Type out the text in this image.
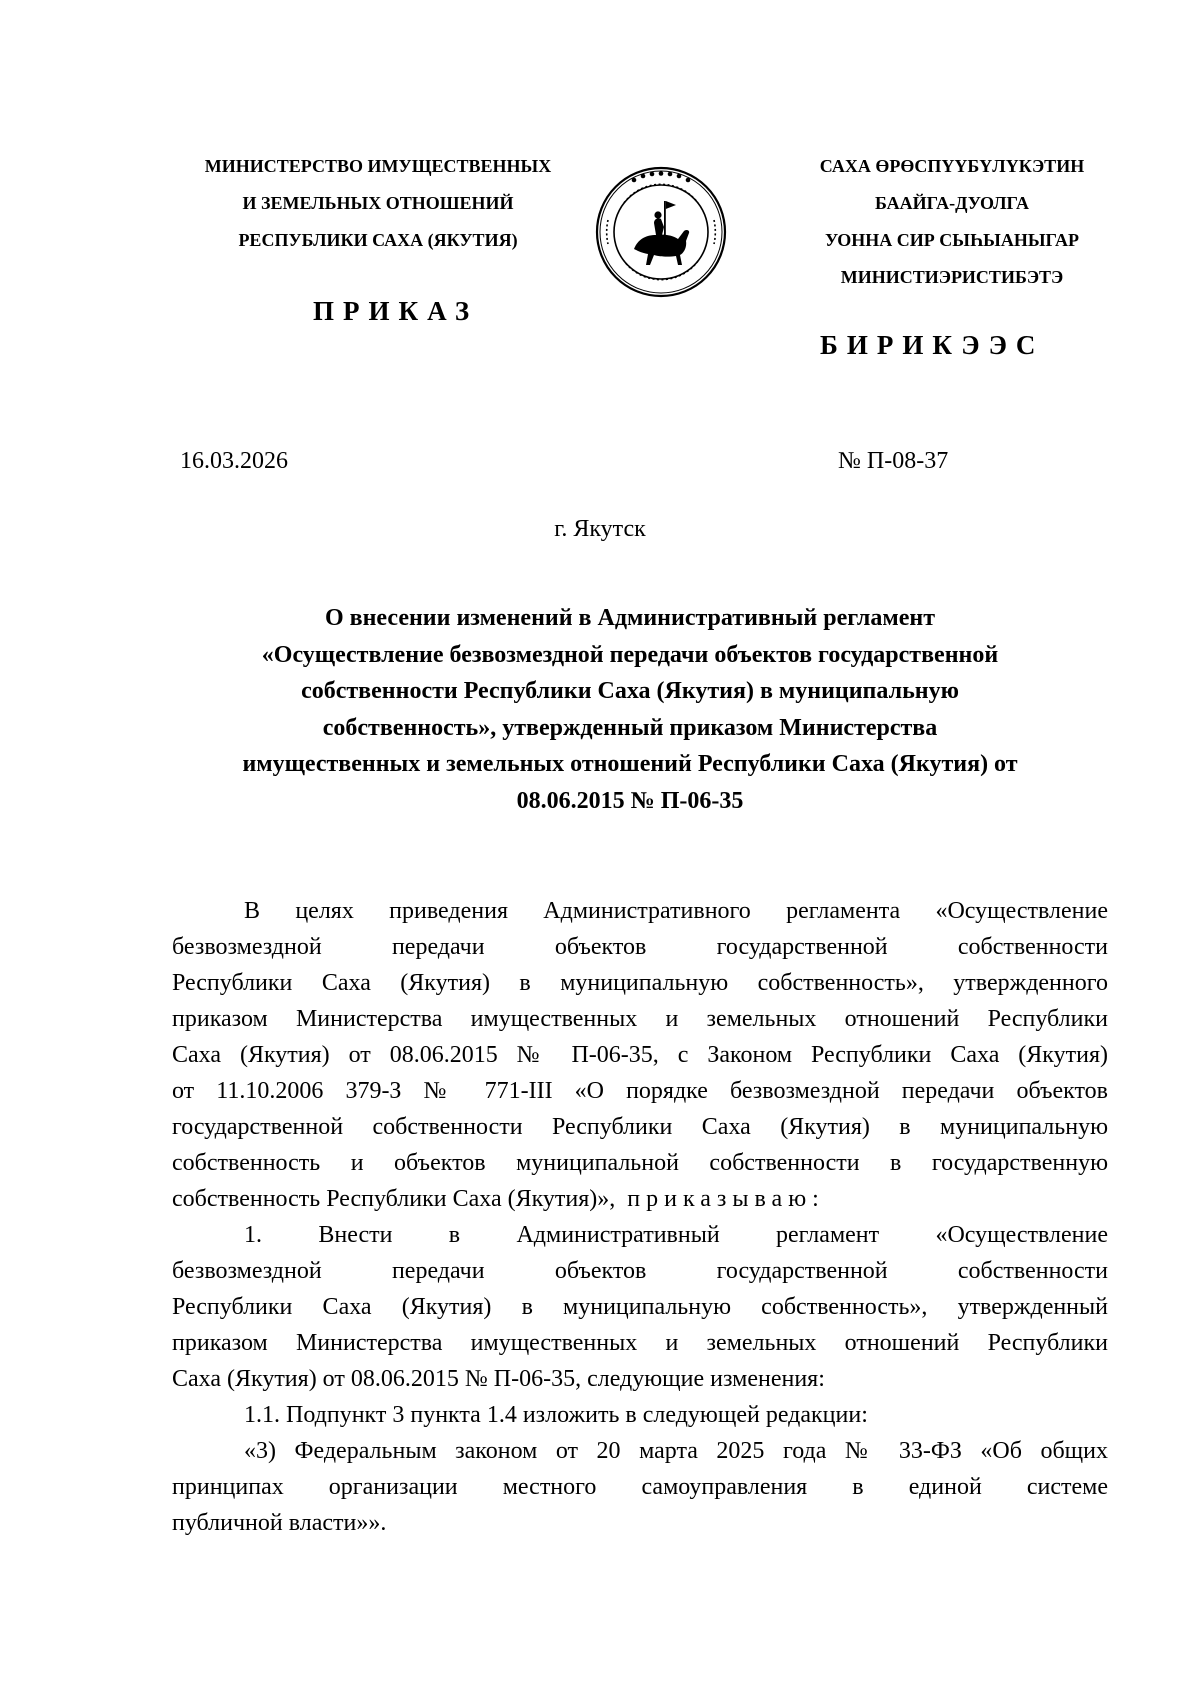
МИНИСТЕРСТВО ИМУЩЕСТВЕННЫХ
И ЗЕМЕЛЬНЫХ ОТНОШЕНИЙ
РЕСПУБЛИКИ САХА (ЯКУТИЯ)
САХА ӨРӨСПҮҮБҮЛҮКЭТИН
БААЙГА-ДУОЛГА
УОННА СИР СЫҺЫАНЫГАР
МИНИСТИЭРИСТИБЭТЭ
ПРИКАЗ
БИРИКЭЭС
16.03.2026	№ П-08-37
г. Якутск
О внесении изменений в Административный регламент
«Осуществление безвозмездной передачи объектов государственной
собственности Республики Саха (Якутия) в муниципальную
собственность», утвержденный приказом Министерства
имущественных и земельных отношений Республики Саха (Якутия) от
08.06.2015 № П-06-35
В целях приведения Административного регламента «Осуществление
безвозмездной передачи объектов государственной собственности
Республики Саха (Якутия) в муниципальную собственность», утвержденного
приказом Министерства имущественных и земельных отношений Республики
Саха (Якутия) от 08.06.2015 № П-06-35, с Законом Республики Саха (Якутия)
от 11.10.2006 379-З № 771-III «О порядке безвозмездной передачи объектов
государственной собственности Республики Саха (Якутия) в муниципальную
собственность и объектов муниципальной собственности в государственную
собственность Республики Саха (Якутия)», приказываю:
1. Внести в Административный регламент «Осуществление
безвозмездной передачи объектов государственной собственности
Республики Саха (Якутия) в муниципальную собственность», утвержденный
приказом Министерства имущественных и земельных отношений Республики
Саха (Якутия) от 08.06.2015 № П-06-35, следующие изменения:
1.1. Подпункт 3 пункта 1.4 изложить в следующей редакции:
«3) Федеральным законом от 20 марта 2025 года № 33-ФЗ «Об общих
принципах организации местного самоуправления в единой системе
публичной власти»».
